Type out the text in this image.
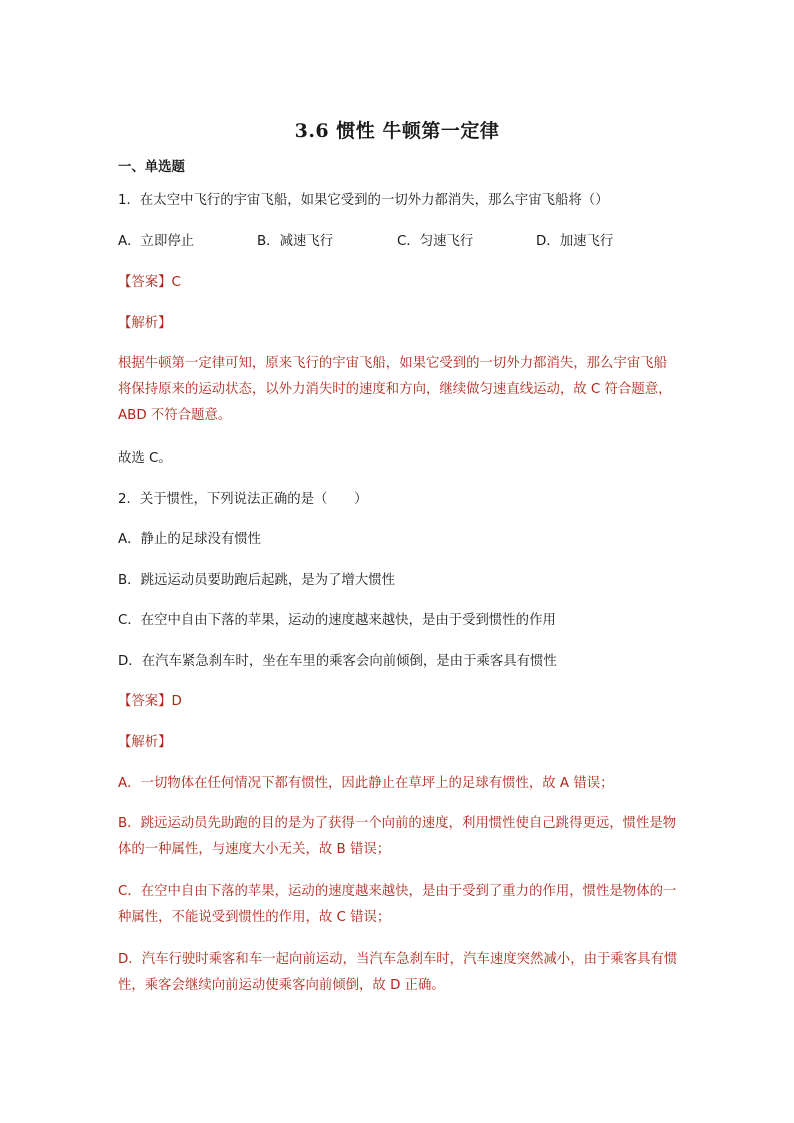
3.6 惯性 牛顿第一定律
一、单选题
1．在太空中飞行的宇宙飞船，如果它受到的一切外力都消失，那么宇宙飞船将（）
A．立即停止	B．减速飞行	C．匀速飞行	D．加速飞行
【答案】C
【解析】
根据牛顿第一定律可知，原来飞行的宇宙飞船，如果它受到的一切外力都消失，那么宇宙飞船将保持原来的运动状态，以外力消失时的速度和方向，继续做匀速直线运动，故 C 符合题意，ABD 不符合题意。
故选 C。
2．关于惯性，下列说法正确的是（　　）
A．静止的足球没有惯性
B．跳远运动员要助跑后起跳，是为了增大惯性
C．在空中自由下落的苹果，运动的速度越来越快，是由于受到惯性的作用
D．在汽车紧急刹车时，坐在车里的乘客会向前倾倒，是由于乘客具有惯性
【答案】D
【解析】
A．一切物体在任何情况下都有惯性，因此静止在草坪上的足球有惯性，故 A 错误；
B．跳远运动员先助跑的目的是为了获得一个向前的速度，利用惯性使自己跳得更远，惯性是物体的一种属性，与速度大小无关，故 B 错误；
C．在空中自由下落的苹果，运动的速度越来越快，是由于受到了重力的作用，惯性是物体的一种属性，不能说受到惯性的作用，故 C 错误；
D．汽车行驶时乘客和车一起向前运动，当汽车急刹车时，汽车速度突然减小，由于乘客具有惯性，乘客会继续向前运动使乘客向前倾倒，故 D 正确。
